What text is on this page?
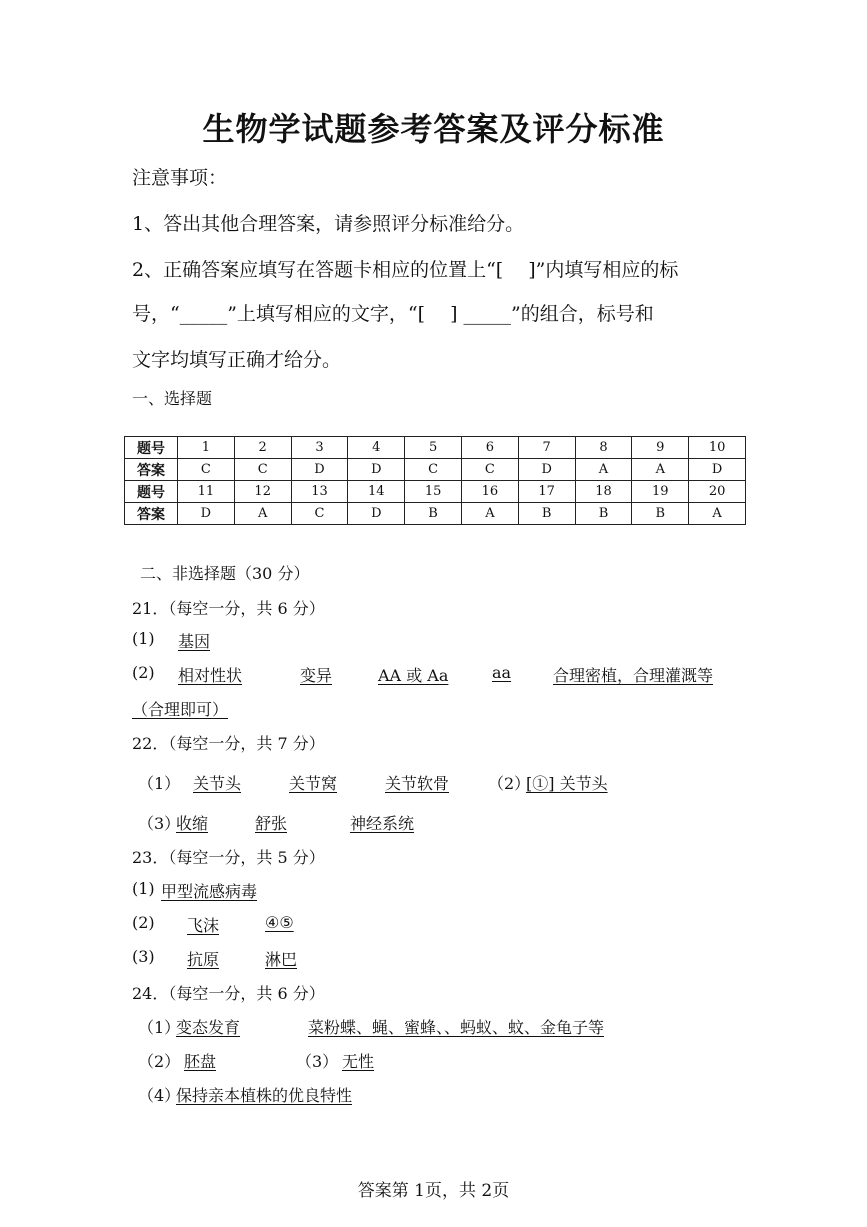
生物学试题参考答案及评分标准
注意事项：
1、答出其他合理答案，请参照评分标准给分。
2、正确答案应填写在答题卡相应的位置上“[　 ]”内填写相应的标
号，“_____”上填写相应的文字，“[　 ] _____”的组合，标号和
文字均填写正确才给分。
一、选择题
题号	1	2	3	4	5	6	7	8	9	10
答案	C	C	D	D	C	C	D	A	A	D
题号	11	12	13	14	15	16	17	18	19	20
答案	D	A	C	D	B	A	B	B	B	A
二、非选择题（30 分）
21．（每空一分，共 6 分）
(1) 基因
(2) 相对性状	变异	AA 或 Aa	aa	合理密植，合理灌溉等
（合理即可）
22．（每空一分，共 7 分）
（1） 关节头	关节窝	关节软骨 （2）
[①] 关节头
（3）
收缩	舒张	神经系统
23．（每空一分，共 5 分）
(1) 甲型流感病毒
(2) 飞沫	④⑤
(3) 抗原	淋巴
24．（每空一分，共 6 分）
（1）
变态发育	菜粉蝶、蝇、蜜蜂、、蚂蚁、蚊、金龟子等
（2） 胚盘	（3） 无性
（4）
保持亲本植株的优良特性
答案第 1页，共 2页
